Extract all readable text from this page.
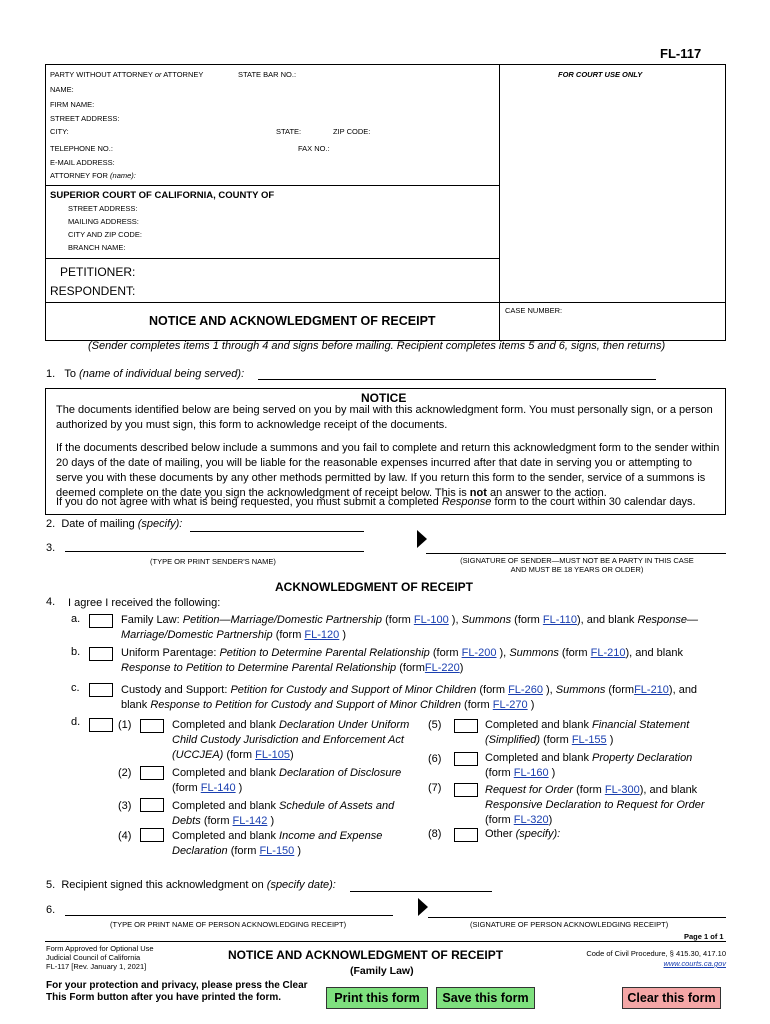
FL-117
PARTY WITHOUT ATTORNEY or ATTORNEY	STATE BAR NO.:	FOR COURT USE ONLY
NAME:
FIRM NAME:
STREET ADDRESS:
CITY:	STATE:	ZIP CODE:
TELEPHONE NO.:	FAX NO.:
E-MAIL ADDRESS:
ATTORNEY FOR (name):
SUPERIOR COURT OF CALIFORNIA, COUNTY OF
STREET ADDRESS:
MAILING ADDRESS:
CITY AND ZIP CODE:
BRANCH NAME:
PETITIONER:
RESPONDENT:
CASE NUMBER:
NOTICE AND ACKNOWLEDGMENT OF RECEIPT
(Sender completes items 1 through 4 and signs before mailing. Recipient completes items 5 and 6, signs, then returns)
1. To (name of individual being served):
NOTICE

The documents identified below are being served on you by mail with this acknowledgment form. You must personally sign, or a person authorized by you must sign, this form to acknowledge receipt of the documents.

If the documents described below include a summons and you fail to complete and return this acknowledgment form to the sender within 20 days of the date of mailing, you will be liable for the reasonable expenses incurred after that date in serving you or attempting to serve you with these documents by any other methods permitted by law. If you return this form to the sender, service of a summons is deemed complete on the date you sign the acknowledgment of receipt below. This is not an answer to the action.

If you do not agree with what is being requested, you must submit a completed Response form to the court within 30 calendar days.

2. Date of mailing (specify):
3.
(TYPE OR PRINT SENDER'S NAME)	(SIGNATURE OF SENDER—MUST NOT BE A PARTY IN THIS CASE
AND MUST BE 18 YEARS OR OLDER)
ACKNOWLEDGMENT OF RECEIPT
4. I agree I received the following:
a.	Family Law: Petition—Marriage/Domestic Partnership (form FL-100 ), Summons (form FL-110), and blank Response—
Marriage/Domestic Partnership (form FL-120 )
b.	Uniform Parentage: Petition to Determine Parental Relationship (form FL-200 ), Summons (form FL-210), and blank
Response to Petition to Determine Parental Relationship (formFL-220)
c.	Custody and Support: Petition for Custody and Support of Minor Children (form FL-260 ), Summons (formFL-210), and
blank Response to Petition for Custody and Support of Minor Children (form FL-270 )
d.	(1)	Completed and blank Declaration Under Uniform
Child Custody Jurisdiction and Enforcement Act
(UCCJEA) (form FL-105)
(2)	Completed and blank Declaration of Disclosure
(form FL-140 )
(3)	Completed and blank Schedule of Assets and
Debts (form FL-142 )
(4)	Completed and blank Income and Expense
Declaration (form FL-150 )
(5)	Completed and blank Financial Statement
(Simplified) (form FL-155 )
(6)	Completed and blank Property Declaration
(form FL-160 )
(7)	Request for Order (form FL-300), and blank
Responsive Declaration to Request for Order
(form FL-320)
(8)	Other (specify):
5. Recipient signed this acknowledgment on (specify date):
6.
(TYPE OR PRINT NAME OF PERSON ACKNOWLEDGING RECEIPT)	(SIGNATURE OF PERSON ACKNOWLEDGING RECEIPT)
Page 1 of 1
Form Approved for Optional Use
Judicial Council of California
FL-117 [Rev. January 1, 2021]
NOTICE AND ACKNOWLEDGMENT OF RECEIPT
(Family Law)
Code of Civil Procedure, § 415.30, 417.10
www.courts.ca.gov
For your protection and privacy, please press the Clear
This Form button after you have printed the form.	Print this form	Save this form	Clear this form
